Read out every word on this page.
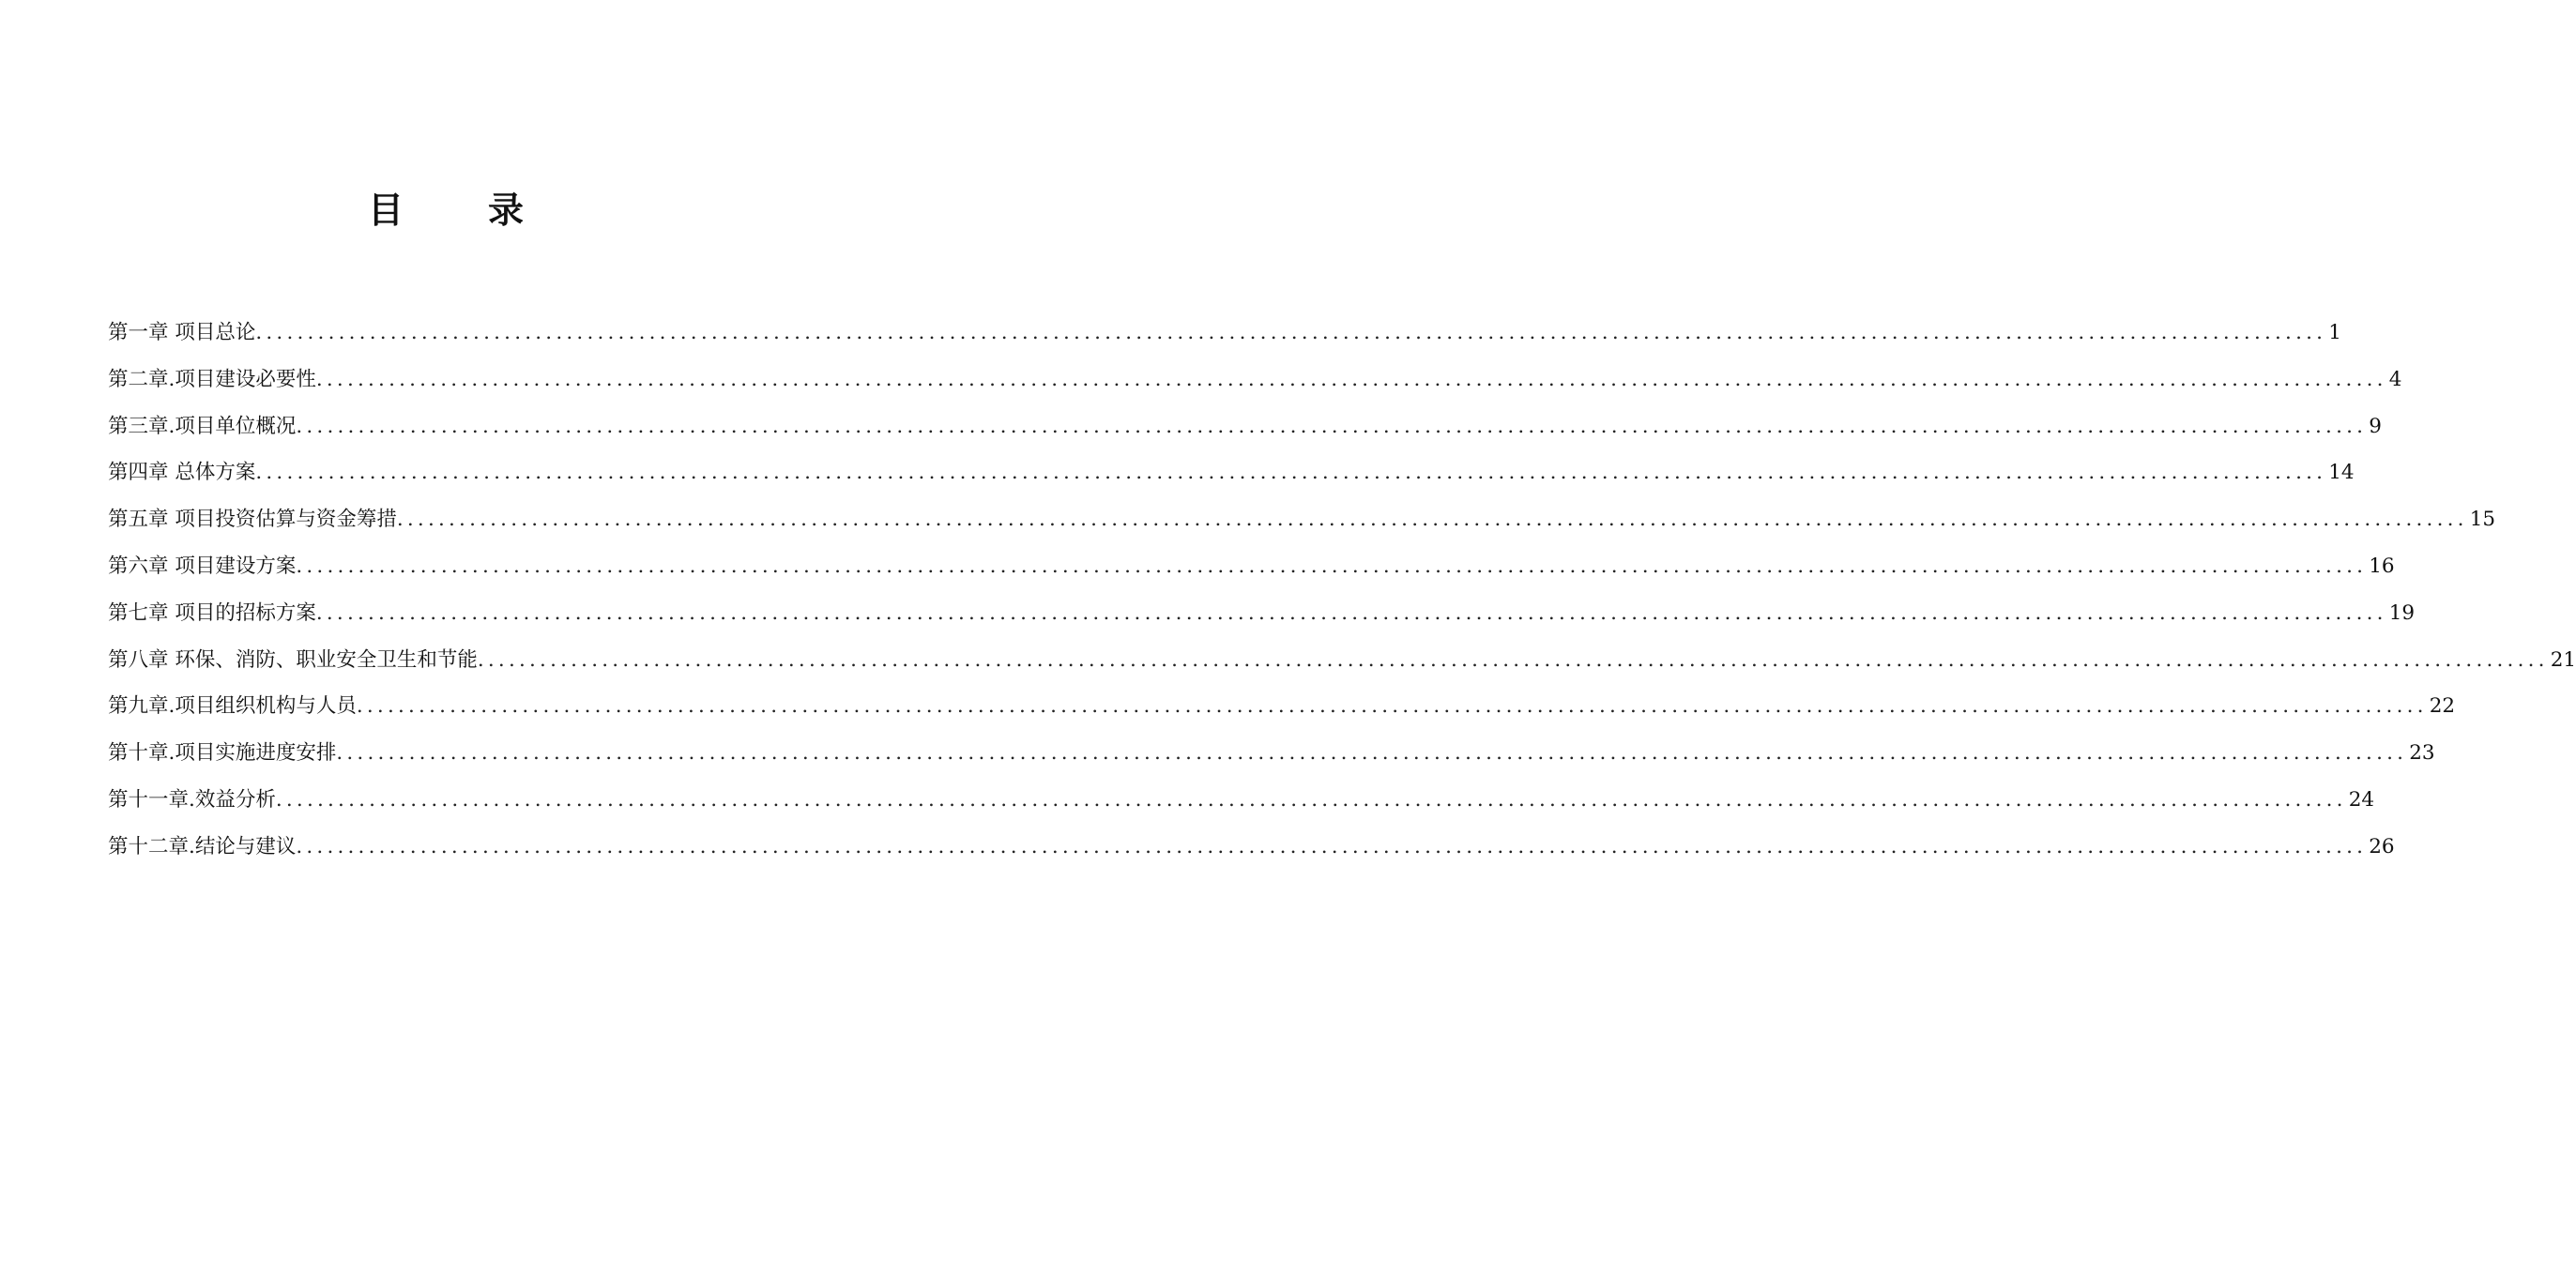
目 录
第一章 项目总论 ........................................................................................................................................................................................................ 1
第二章.项目建设必要性 ........................................................................................................................................................................................................ 4
第三章.项目单位概况 ........................................................................................................................................................................................................ 9
第四章 总体方案 ........................................................................................................................................................................................................ 14
第五章 项目投资估算与资金筹措 ........................................................................................................................................................................................................ 15
第六章 项目建设方案 ........................................................................................................................................................................................................ 16
第七章 项目的招标方案 ........................................................................................................................................................................................................ 19
第八章 环保、消防、职业安全卫生和节能 ........................................................................................................................................................................................................ 21
第九章.项目组织机构与人员 ........................................................................................................................................................................................................ 22
第十章.项目实施进度安排 ........................................................................................................................................................................................................ 23
第十一章.效益分析 ........................................................................................................................................................................................................ 24
第十二章.结论与建议 ........................................................................................................................................................................................................ 26
